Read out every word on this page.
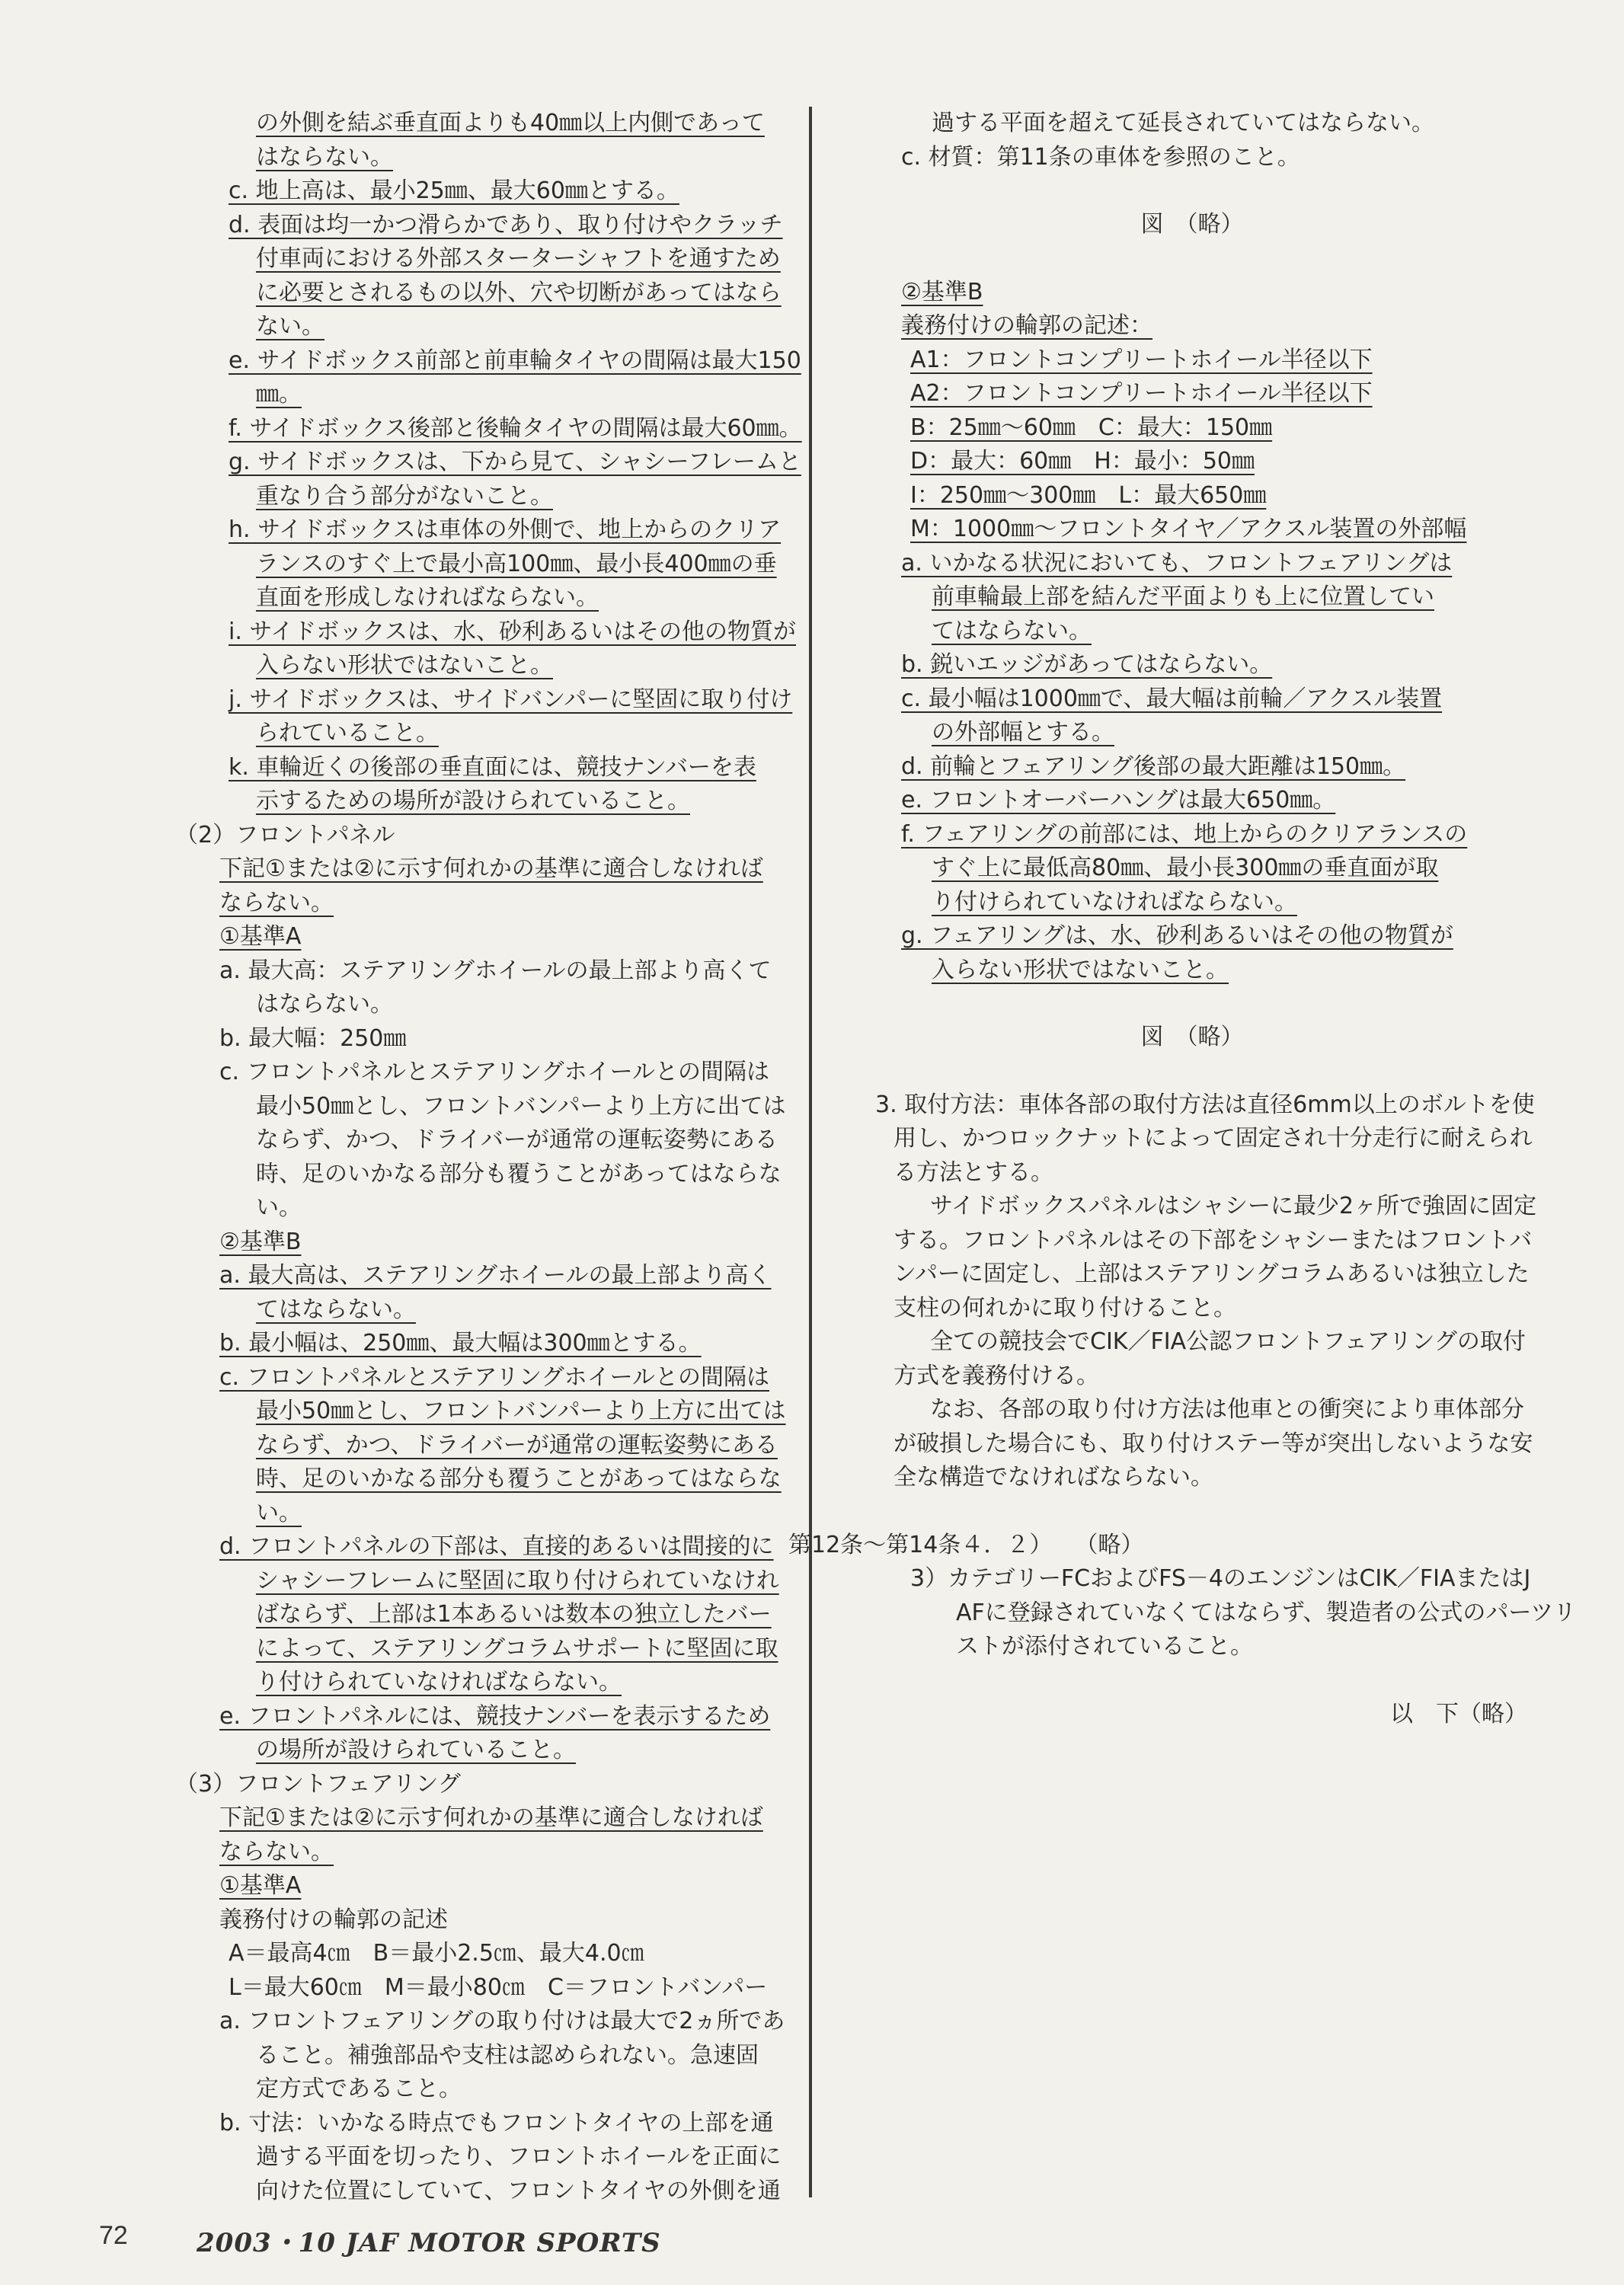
の外側を結ぶ垂直面よりも40㎜以上内側であって
はならない。
c. 地上高は、最小25㎜、最大60㎜とする。
d. 表面は均一かつ滑らかであり、取り付けやクラッチ
付車両における外部スターターシャフトを通すため
に必要とされるもの以外、穴や切断があってはなら
ない。
e. サイドボックス前部と前車輪タイヤの間隔は最大150
㎜。
f. サイドボックス後部と後輪タイヤの間隔は最大60㎜。
g. サイドボックスは、下から見て、シャシーフレームと
重なり合う部分がないこと。
h. サイドボックスは車体の外側で、地上からのクリア
ランスのすぐ上で最小高100㎜、最小長400㎜の垂
直面を形成しなければならない。
i. サイドボックスは、水、砂利あるいはその他の物質が
入らない形状ではないこと。
j. サイドボックスは、サイドバンパーに堅固に取り付け
られていること。
k. 車輪近くの後部の垂直面には、競技ナンバーを表
示するための場所が設けられていること。
（2）フロントパネル
下記①または②に示す何れかの基準に適合しなければ
ならない。
①基準A
a. 最大高：ステアリングホイールの最上部より高くて
はならない。
b. 最大幅：250㎜
c. フロントパネルとステアリングホイールとの間隔は
最小50㎜とし、フロントバンパーより上方に出ては
ならず、かつ、ドライバーが通常の運転姿勢にある
時、足のいかなる部分も覆うことがあってはならな
い。
②基準B
a. 最大高は、ステアリングホイールの最上部より高く
てはならない。
b. 最小幅は、250㎜、最大幅は300㎜とする。
c. フロントパネルとステアリングホイールとの間隔は
最小50㎜とし、フロントバンパーより上方に出ては
ならず、かつ、ドライバーが通常の運転姿勢にある
時、足のいかなる部分も覆うことがあってはならな
い。
d. フロントパネルの下部は、直接的あるいは間接的に
シャシーフレームに堅固に取り付けられていなけれ
ばならず、上部は1本あるいは数本の独立したバー
によって、ステアリングコラムサポートに堅固に取
り付けられていなければならない。
e. フロントパネルには、競技ナンバーを表示するため
の場所が設けられていること。
（3）フロントフェアリング
下記①または②に示す何れかの基準に適合しなければ
ならない。
①基準A
義務付けの輪郭の記述
A＝最高4㎝　B＝最小2.5㎝、最大4.0㎝
L＝最大60㎝　M＝最小80㎝　C＝フロントバンパー
a. フロントフェアリングの取り付けは最大で2ヵ所であ
ること。補強部品や支柱は認められない。急速固
定方式であること。
b. 寸法：いかなる時点でもフロントタイヤの上部を通
過する平面を切ったり、フロントホイールを正面に
向けた位置にしていて、フロントタイヤの外側を通
過する平面を超えて延長されていてはならない。
c. 材質：第11条の車体を参照のこと。
図　（略）
②基準B
義務付けの輪郭の記述：
A1：フロントコンプリートホイール半径以下
A2：フロントコンプリートホイール半径以下
B：25㎜～60㎜　C：最大：150㎜
D：最大：60㎜　H：最小：50㎜
I：250㎜～300㎜　L：最大650㎜
M：1000㎜～フロントタイヤ／アクスル装置の外部幅
a. いかなる状況においても、フロントフェアリングは
前車輪最上部を結んだ平面よりも上に位置してい
てはならない。
b. 鋭いエッジがあってはならない。
c. 最小幅は1000㎜で、最大幅は前輪／アクスル装置
の外部幅とする。
d. 前輪とフェアリング後部の最大距離は150㎜。
e. フロントオーバーハングは最大650㎜。
f. フェアリングの前部には、地上からのクリアランスの
すぐ上に最低高80㎜、最小長300㎜の垂直面が取
り付けられていなければならない。
g. フェアリングは、水、砂利あるいはその他の物質が
入らない形状ではないこと。
図　（略）
3. 取付方法：車体各部の取付方法は直径6mm以上のボルトを使
用し、かつロックナットによって固定され十分走行に耐えられ
る方法とする。
サイドボックスパネルはシャシーに最少2ヶ所で強固に固定
する。フロントパネルはその下部をシャシーまたはフロントバ
ンパーに固定し、上部はステアリングコラムあるいは独立した
支柱の何れかに取り付けること。
全ての競技会でCIK／FIA公認フロントフェアリングの取付
方式を義務付ける。
なお、各部の取り付け方法は他車との衝突により車体部分
が破損した場合にも、取り付けステー等が突出しないような安
全な構造でなければならない。
第12条～第14条４．２）　　（略）
3）カテゴリーFCおよびFS－4のエンジンはCIK／FIAまたはJ
AFに登録されていなくてはならず、製造者の公式のパーツリ
ストが添付されていること。
以　下（略）
72	2003・10 JAF MOTOR SPORTS
